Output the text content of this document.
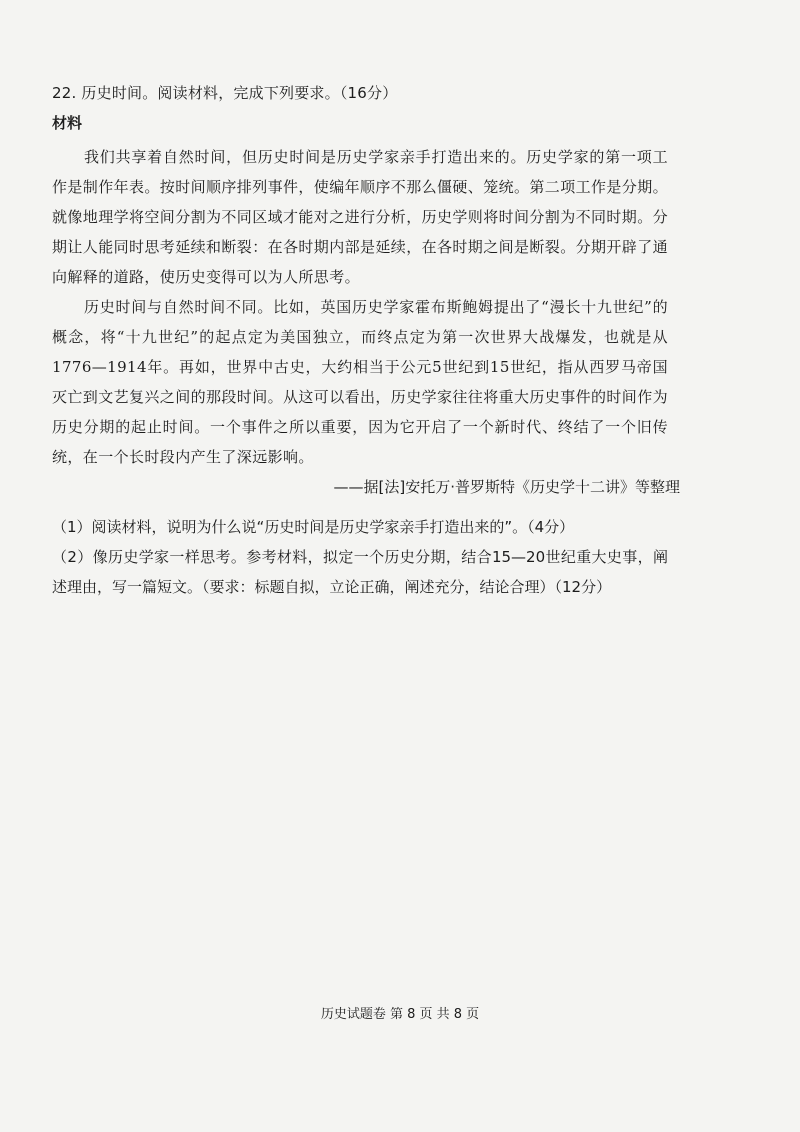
22. 历史时间。阅读材料，完成下列要求。（16分）
材料

我们共享着自然时间，但历史时间是历史学家亲手打造出来的。历史学家的第一项工作是制作年表。按时间顺序排列事件，使编年顺序不那么僵硬、笼统。第二项工作是分期。就像地理学将空间分割为不同区域才能对之进行分析，历史学则将时间分割为不同时期。分期让人能同时思考延续和断裂：在各时期内部是延续，在各时期之间是断裂。分期开辟了通向解释的道路，使历史变得可以为人所思考。

历史时间与自然时间不同。比如，英国历史学家霍布斯鲍姆提出了“漫长十九世纪”的概念，将“十九世纪”的起点定为美国独立，而终点定为第一次世界大战爆发，也就是从1776—1914年。再如，世界中古史，大约相当于公元5世纪到15世纪，指从西罗马帝国灭亡到文艺复兴之间的那段时间。从这可以看出，历史学家往往将重大历史事件的时间作为历史分期的起止时间。一个事件之所以重要，因为它开启了一个新时代、终结了一个旧传统，在一个长时段内产生了深远影响。

——据[法]安托万·普罗斯特《历史学十二讲》等整理

（1）阅读材料，说明为什么说“历史时间是历史学家亲手打造出来的”。（4分）

（2）像历史学家一样思考。参考材料，拟定一个历史分期，结合15—20世纪重大史事，阐述理由，写一篇短文。（要求：标题自拟，立论正确，阐述充分，结论合理）（12分）

历史试题卷 第 8 页 共 8 页
